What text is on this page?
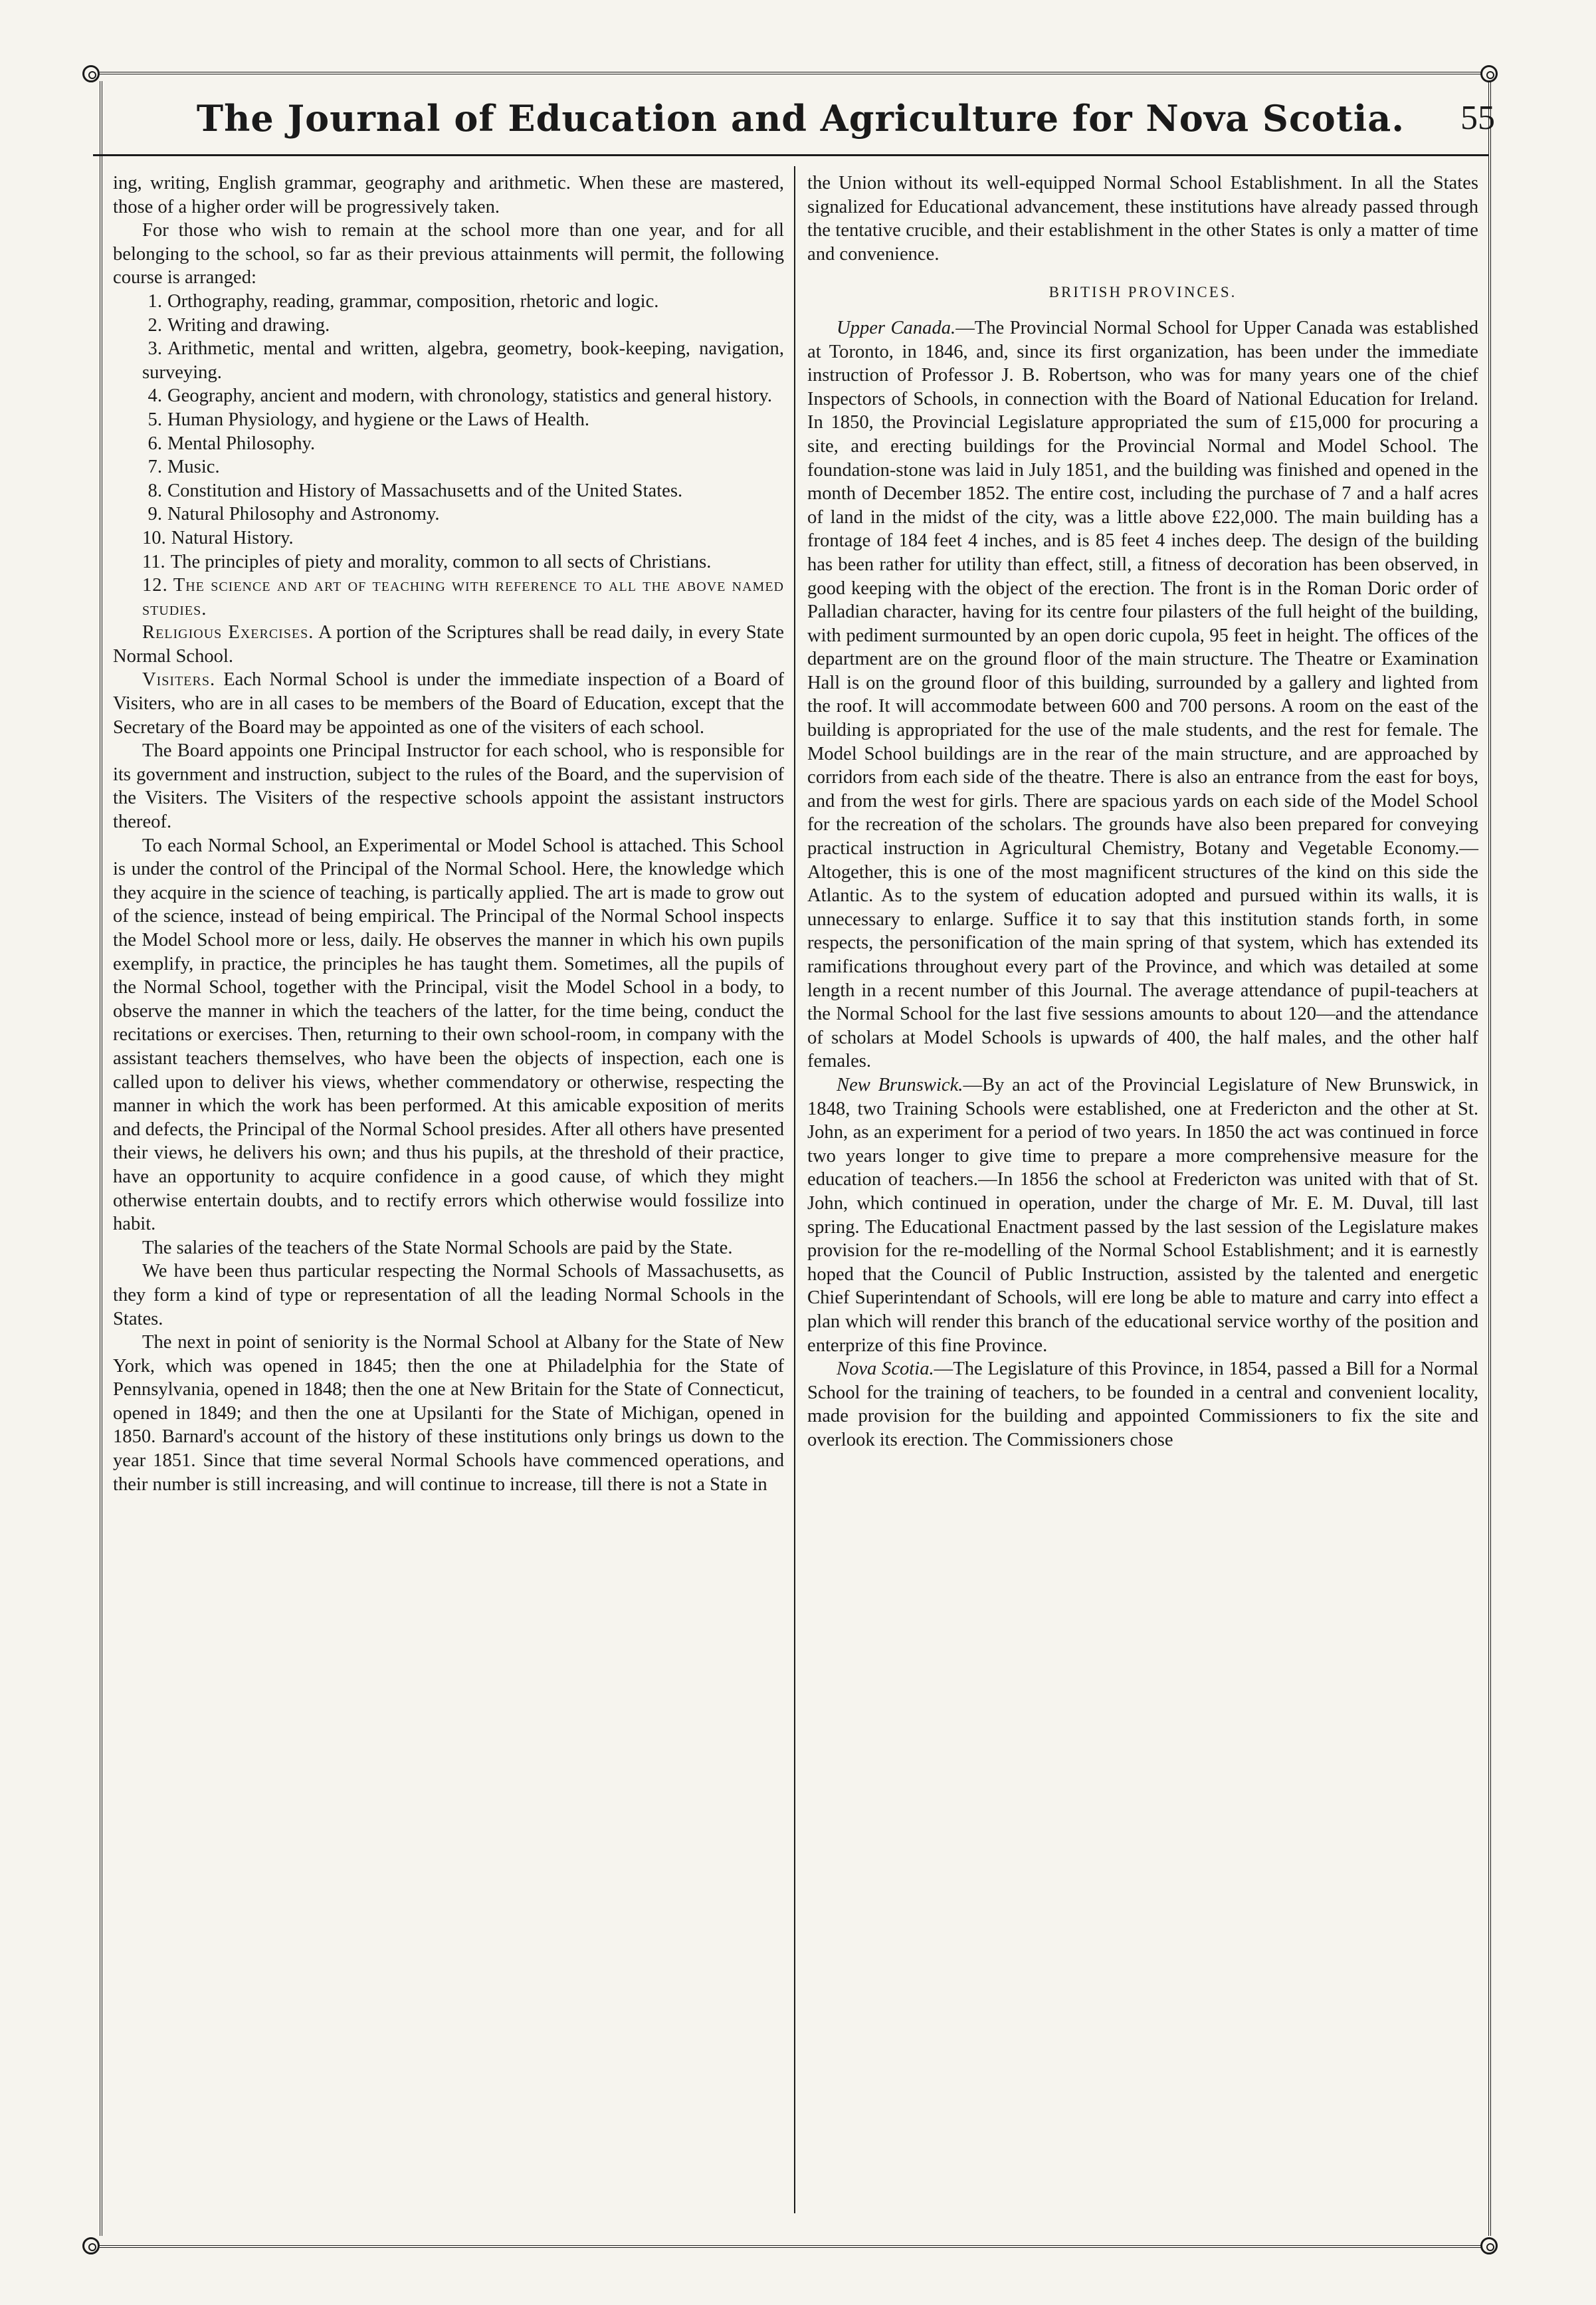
The Journal of Education and Agriculture for Nova Scotia.	55

ing, writing, English grammar, geography and arithmetic. When these are mastered, those of a higher order will be progressively taken.

For those who wish to remain at the school more than one year, and for all belonging to the school, so far as their previous attainments will permit, the following course is arranged:

1. Orthography, reading, grammar, composition, rhetoric and logic.

2. Writing and drawing.

3. Arithmetic, mental and written, algebra, geometry, book-keeping, navigation, surveying.

4. Geography, ancient and modern, with chronology, statistics and general history.

5. Human Physiology, and hygiene or the Laws of Health.

6. Mental Philosophy.

7. Music.

8. Constitution and History of Massachusetts and of the United States.

9. Natural Philosophy and Astronomy.

10. Natural History.

11. The principles of piety and morality, common to all sects of Christians.

12. The science and art of teaching with reference to all the above named studies.

Religious Exercises. A portion of the Scriptures shall be read daily, in every State Normal School.

Visiters. Each Normal School is under the immediate inspection of a Board of Visiters, who are in all cases to be members of the Board of Education, except that the Secretary of the Board may be appointed as one of the visiters of each school.

The Board appoints one Principal Instructor for each school, who is responsible for its government and instruction, subject to the rules of the Board, and the supervision of the Visiters. The Visiters of the respective schools appoint the assistant instructors thereof.

To each Normal School, an Experimental or Model School is attached. This School is under the control of the Principal of the Normal School. Here, the knowledge which they acquire in the science of teaching, is partically applied. The art is made to grow out of the science, instead of being empirical. The Principal of the Normal School inspects the Model School more or less, daily. He observes the manner in which his own pupils exemplify, in practice, the principles he has taught them. Sometimes, all the pupils of the Normal School, together with the Principal, visit the Model School in a body, to observe the manner in which the teachers of the latter, for the time being, conduct the recitations or exercises. Then, returning to their own school-room, in company with the assistant teachers themselves, who have been the objects of inspection, each one is called upon to deliver his views, whether commendatory or otherwise, respecting the manner in which the work has been performed. At this amicable exposition of merits and defects, the Principal of the Normal School presides. After all others have presented their views, he delivers his own; and thus his pupils, at the threshold of their practice, have an opportunity to acquire confidence in a good cause, of which they might otherwise entertain doubts, and to rectify errors which otherwise would fossilize into habit.

The salaries of the teachers of the State Normal Schools are paid by the State.

We have been thus particular respecting the Normal Schools of Massachusetts, as they form a kind of type or representation of all the leading Normal Schools in the States.

The next in point of seniority is the Normal School at Albany for the State of New York, which was opened in 1845; then the one at Philadelphia for the State of Pennsylvania, opened in 1848; then the one at New Britain for the State of Connecticut, opened in 1849; and then the one at Upsilanti for the State of Michigan, opened in 1850. Barnard's account of the history of these institutions only brings us down to the year 1851. Since that time several Normal Schools have commenced operations, and their number is still increasing, and will continue to increase, till there is not a State in

the Union without its well-equipped Normal School Establishment. In all the States signalized for Educational advancement, these institutions have already passed through the tentative crucible, and their establishment in the other States is only a matter of time and convenience.

BRITISH PROVINCES.

Upper Canada.—The Provincial Normal School for Upper Canada was established at Toronto, in 1846, and, since its first organization, has been under the immediate instruction of Professor J. B. Robertson, who was for many years one of the chief Inspectors of Schools, in connection with the Board of National Education for Ireland. In 1850, the Provincial Legislature appropriated the sum of £15,000 for procuring a site, and erecting buildings for the Provincial Normal and Model School. The foundation-stone was laid in July 1851, and the building was finished and opened in the month of December 1852. The entire cost, including the purchase of 7 and a half acres of land in the midst of the city, was a little above £22,000. The main building has a frontage of 184 feet 4 inches, and is 85 feet 4 inches deep. The design of the building has been rather for utility than effect, still, a fitness of decoration has been observed, in good keeping with the object of the erection. The front is in the Roman Doric order of Palladian character, having for its centre four pilasters of the full height of the building, with pediment surmounted by an open doric cupola, 95 feet in height. The offices of the department are on the ground floor of the main structure. The Theatre or Examination Hall is on the ground floor of this building, surrounded by a gallery and lighted from the roof. It will accommodate between 600 and 700 persons. A room on the east of the building is appropriated for the use of the male students, and the rest for female. The Model School buildings are in the rear of the main structure, and are approached by corridors from each side of the theatre. There is also an entrance from the east for boys, and from the west for girls. There are spacious yards on each side of the Model School for the recreation of the scholars. The grounds have also been prepared for conveying practical instruction in Agricultural Chemistry, Botany and Vegetable Economy.—Altogether, this is one of the most magnificent structures of the kind on this side the Atlantic. As to the system of education adopted and pursued within its walls, it is unnecessary to enlarge. Suffice it to say that this institution stands forth, in some respects, the personification of the main spring of that system, which has extended its ramifications throughout every part of the Province, and which was detailed at some length in a recent number of this Journal. The average attendance of pupil-teachers at the Normal School for the last five sessions amounts to about 120—and the attendance of scholars at Model Schools is upwards of 400, the half males, and the other half females.

New Brunswick.—By an act of the Provincial Legislature of New Brunswick, in 1848, two Training Schools were established, one at Fredericton and the other at St. John, as an experiment for a period of two years. In 1850 the act was continued in force two years longer to give time to prepare a more comprehensive measure for the education of teachers.—In 1856 the school at Fredericton was united with that of St. John, which continued in operation, under the charge of Mr. E. M. Duval, till last spring. The Educational Enactment passed by the last session of the Legislature makes provision for the re-modelling of the Normal School Establishment; and it is earnestly hoped that the Council of Public Instruction, assisted by the talented and energetic Chief Superintendant of Schools, will ere long be able to mature and carry into effect a plan which will render this branch of the educational service worthy of the position and enterprize of this fine Province.

Nova Scotia.—The Legislature of this Province, in 1854, passed a Bill for a Normal School for the training of teachers, to be founded in a central and convenient locality, made provision for the building and appointed Commissioners to fix the site and overlook its erection. The Commissioners chose
